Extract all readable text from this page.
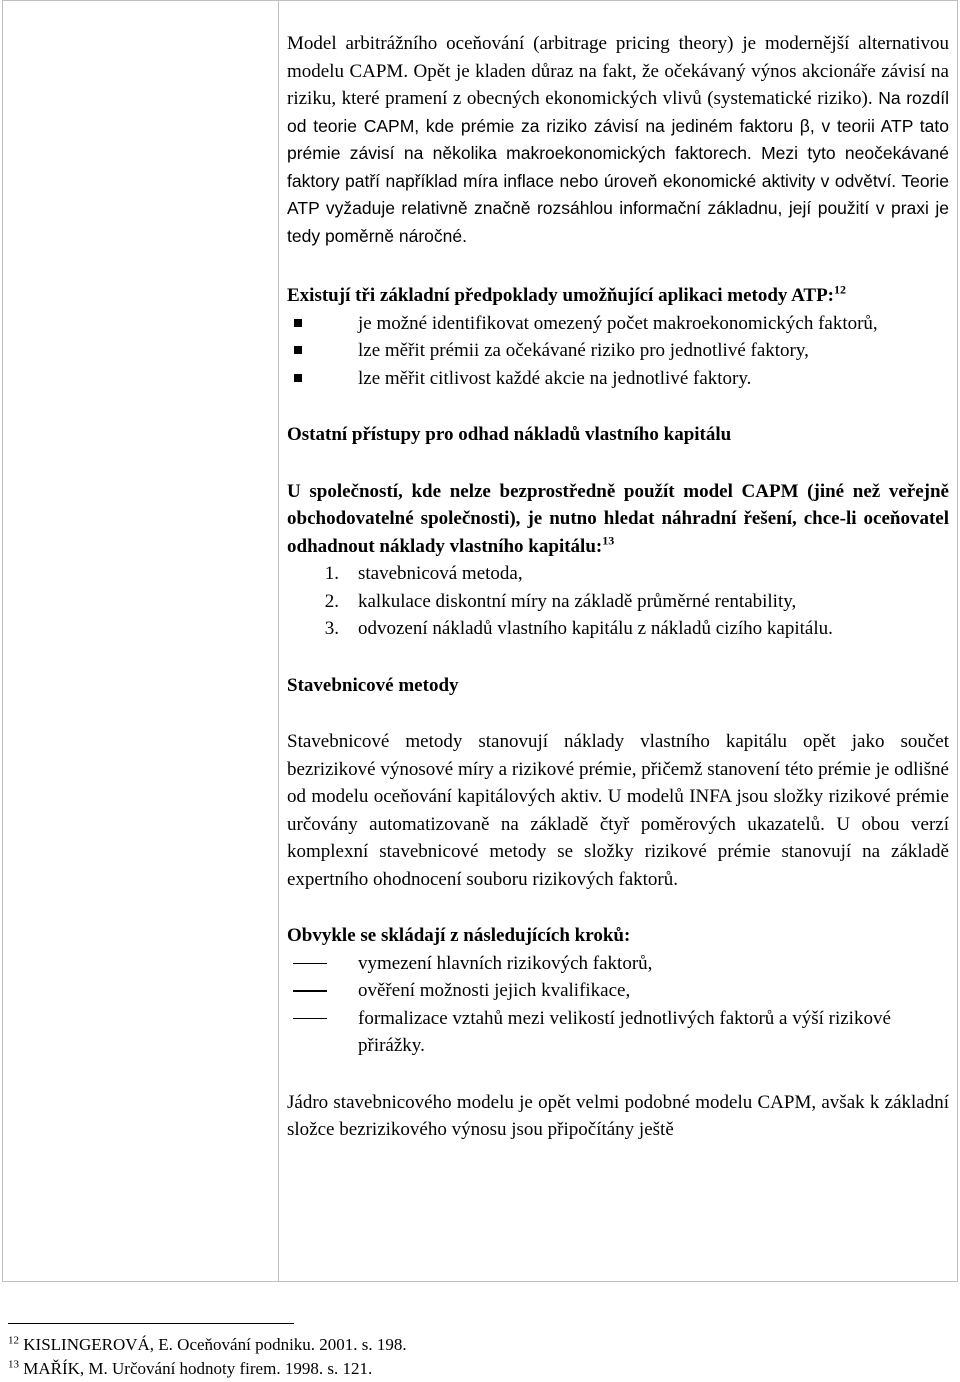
Model arbitrážního oceňování (arbitrage pricing theory) je modernější alternativou modelu CAPM. Opět je kladen důraz na fakt, že očekávaný výnos akcionáře závisí na riziku, které pramení z obecných ekonomických vlivů (systematické riziko). Na rozdíl od teorie CAPM, kde prémie za riziko závisí na jediném faktoru β, v teorii ATP tato prémie závisí na několika makroekonomických faktorech. Mezi tyto neočekávané faktory patří například míra inflace nebo úroveň ekonomické aktivity v odvětví. Teorie ATP vyžaduje relativně značně rozsáhlou informační základnu, její použití v praxi je tedy poměrně náročné.

Existují tři základní předpoklady umožňující aplikaci metody ATP:$^{12}$

je možné identifikovat omezený počet makroekonomických faktorů,
lze měřit prémii za očekávané riziko pro jednotlivé faktory,
lze měřit citlivost každé akcie na jednotlivé faktory.

Ostatní přístupy pro odhad nákladů vlastního kapitálu

U společností, kde nelze bezprostředně použít model CAPM (jiné než veřejně obchodovatelné společnosti), je nutno hledat náhradní řešení, chce-li oceňovatel odhadnout náklady vlastního kapitálu:$^{13}$

1. stavebnicová metoda,
2. kalkulace diskontní míry na základě průměrné rentability,
3. odvození nákladů vlastního kapitálu z nákladů cizího kapitálu.

Stavebnicové metody

Stavebnicové metody stanovují náklady vlastního kapitálu opět jako součet bezrizikové výnosové míry a rizikové prémie, přičemž stanovení této prémie je odlišné od modelu oceňování kapitálových aktiv. U modelů INFA jsou složky rizikové prémie určovány automatizovaně na základě čtyř poměrových ukazatelů. U obou verzí komplexní stavebnicové metody se složky rizikové prémie stanovují na základě expertního ohodnocení souboru rizikových faktorů.

Obvykle se skládají z následujících kroků:

vymezení hlavních rizikových faktorů,
ověření možnosti jejich kvalifikace,
formalizace vztahů mezi velikostí jednotlivých faktorů a výší rizikové přirážky.

Jádro stavebnicového modelu je opět velmi podobné modelu CAPM, avšak k základní složce bezrizikového výnosu jsou připočítány ještě

$^{12}$ KISLINGEROVÁ, E. Oceňování podniku. 2001. s. 198.
$^{13}$ MAŘÍK, M. Určování hodnoty firem. 1998. s. 121.
